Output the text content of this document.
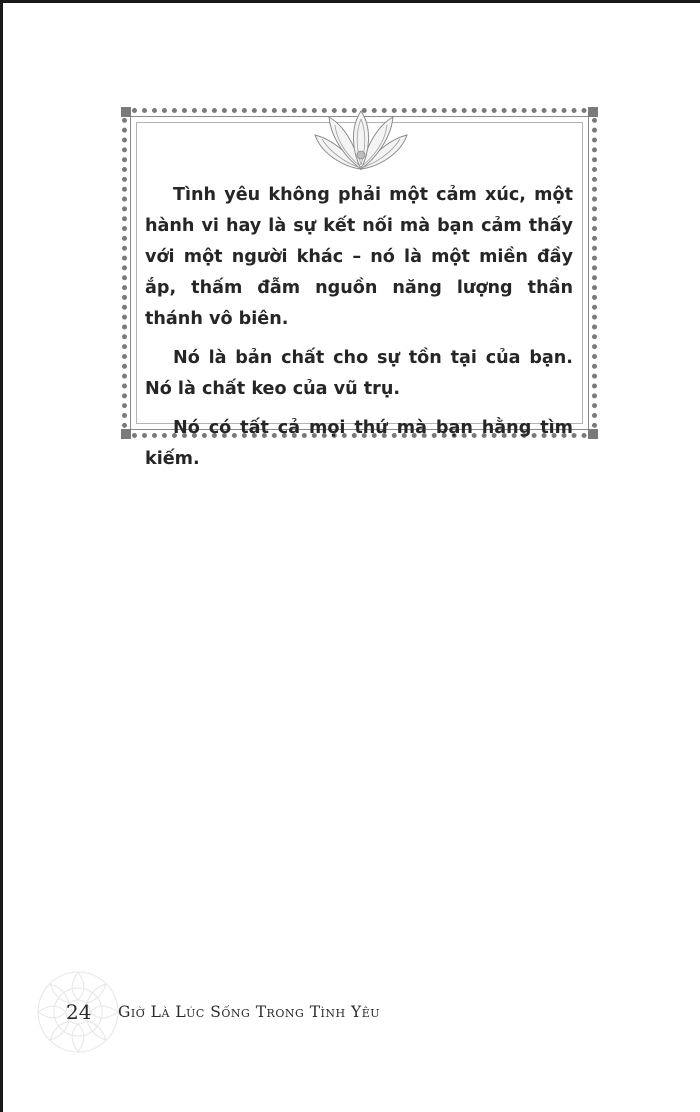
Tình yêu không phải một cảm xúc, một hành vi hay là sự kết nối mà bạn cảm thấy với một người khác – nó là một miền đầy ắp, thấm đẫm nguồn năng lượng thần thánh vô biên.

Nó là bản chất cho sự tồn tại của bạn. Nó là chất keo của vũ trụ.

Nó có tất cả mọi thứ mà bạn hằng tìm kiếm.

24 Giờ Là Lúc Sống Trong Tình Yêu
